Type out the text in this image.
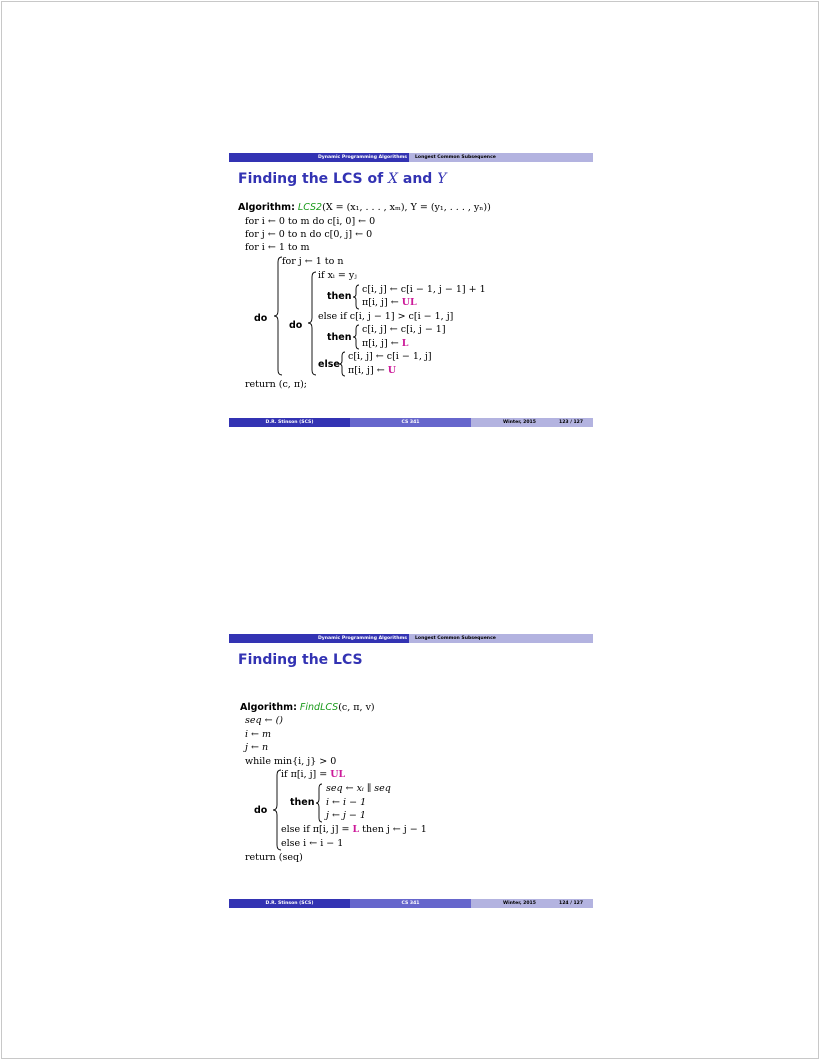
Dynamic Programming Algorithms Longest Common Subsequence
Finding the LCS of X and Y
Algorithm: LCS2(X = (x₁, . . . , xₘ), Y = (y₁, . . . , yₙ))
for i ← 0 to m do c[i, 0] ← 0
for j ← 0 to n do c[0, j] ← 0
for i ← 1 to m
do
for j ← 1 to n
do
if xᵢ = yⱼ
then
c[i, j] ← c[i − 1, j − 1] + 1
π[i, j] ← UL
else if c[i, j − 1] > c[i − 1, j]
then
c[i, j] ← c[i, j − 1]
π[i, j] ← L
else
c[i, j] ← c[i − 1, j]
π[i, j] ← U
return (c, π);
D.R. Stinson (SCS)	CS 341	Winter, 2015	123 / 127
Dynamic Programming Algorithms Longest Common Subsequence
Finding the LCS
Algorithm: FindLCS(c, π, v)
seq ← ()
i ← m
j ← n
while min{i, j} > 0
do
if π[i, j] = UL
then
seq ← xᵢ ∥ seq
i ← i − 1
j ← j − 1
else if π[i, j] = L then j ← j − 1
else i ← i − 1
return (seq)
D.R. Stinson (SCS)	CS 341	Winter, 2015	124 / 127
